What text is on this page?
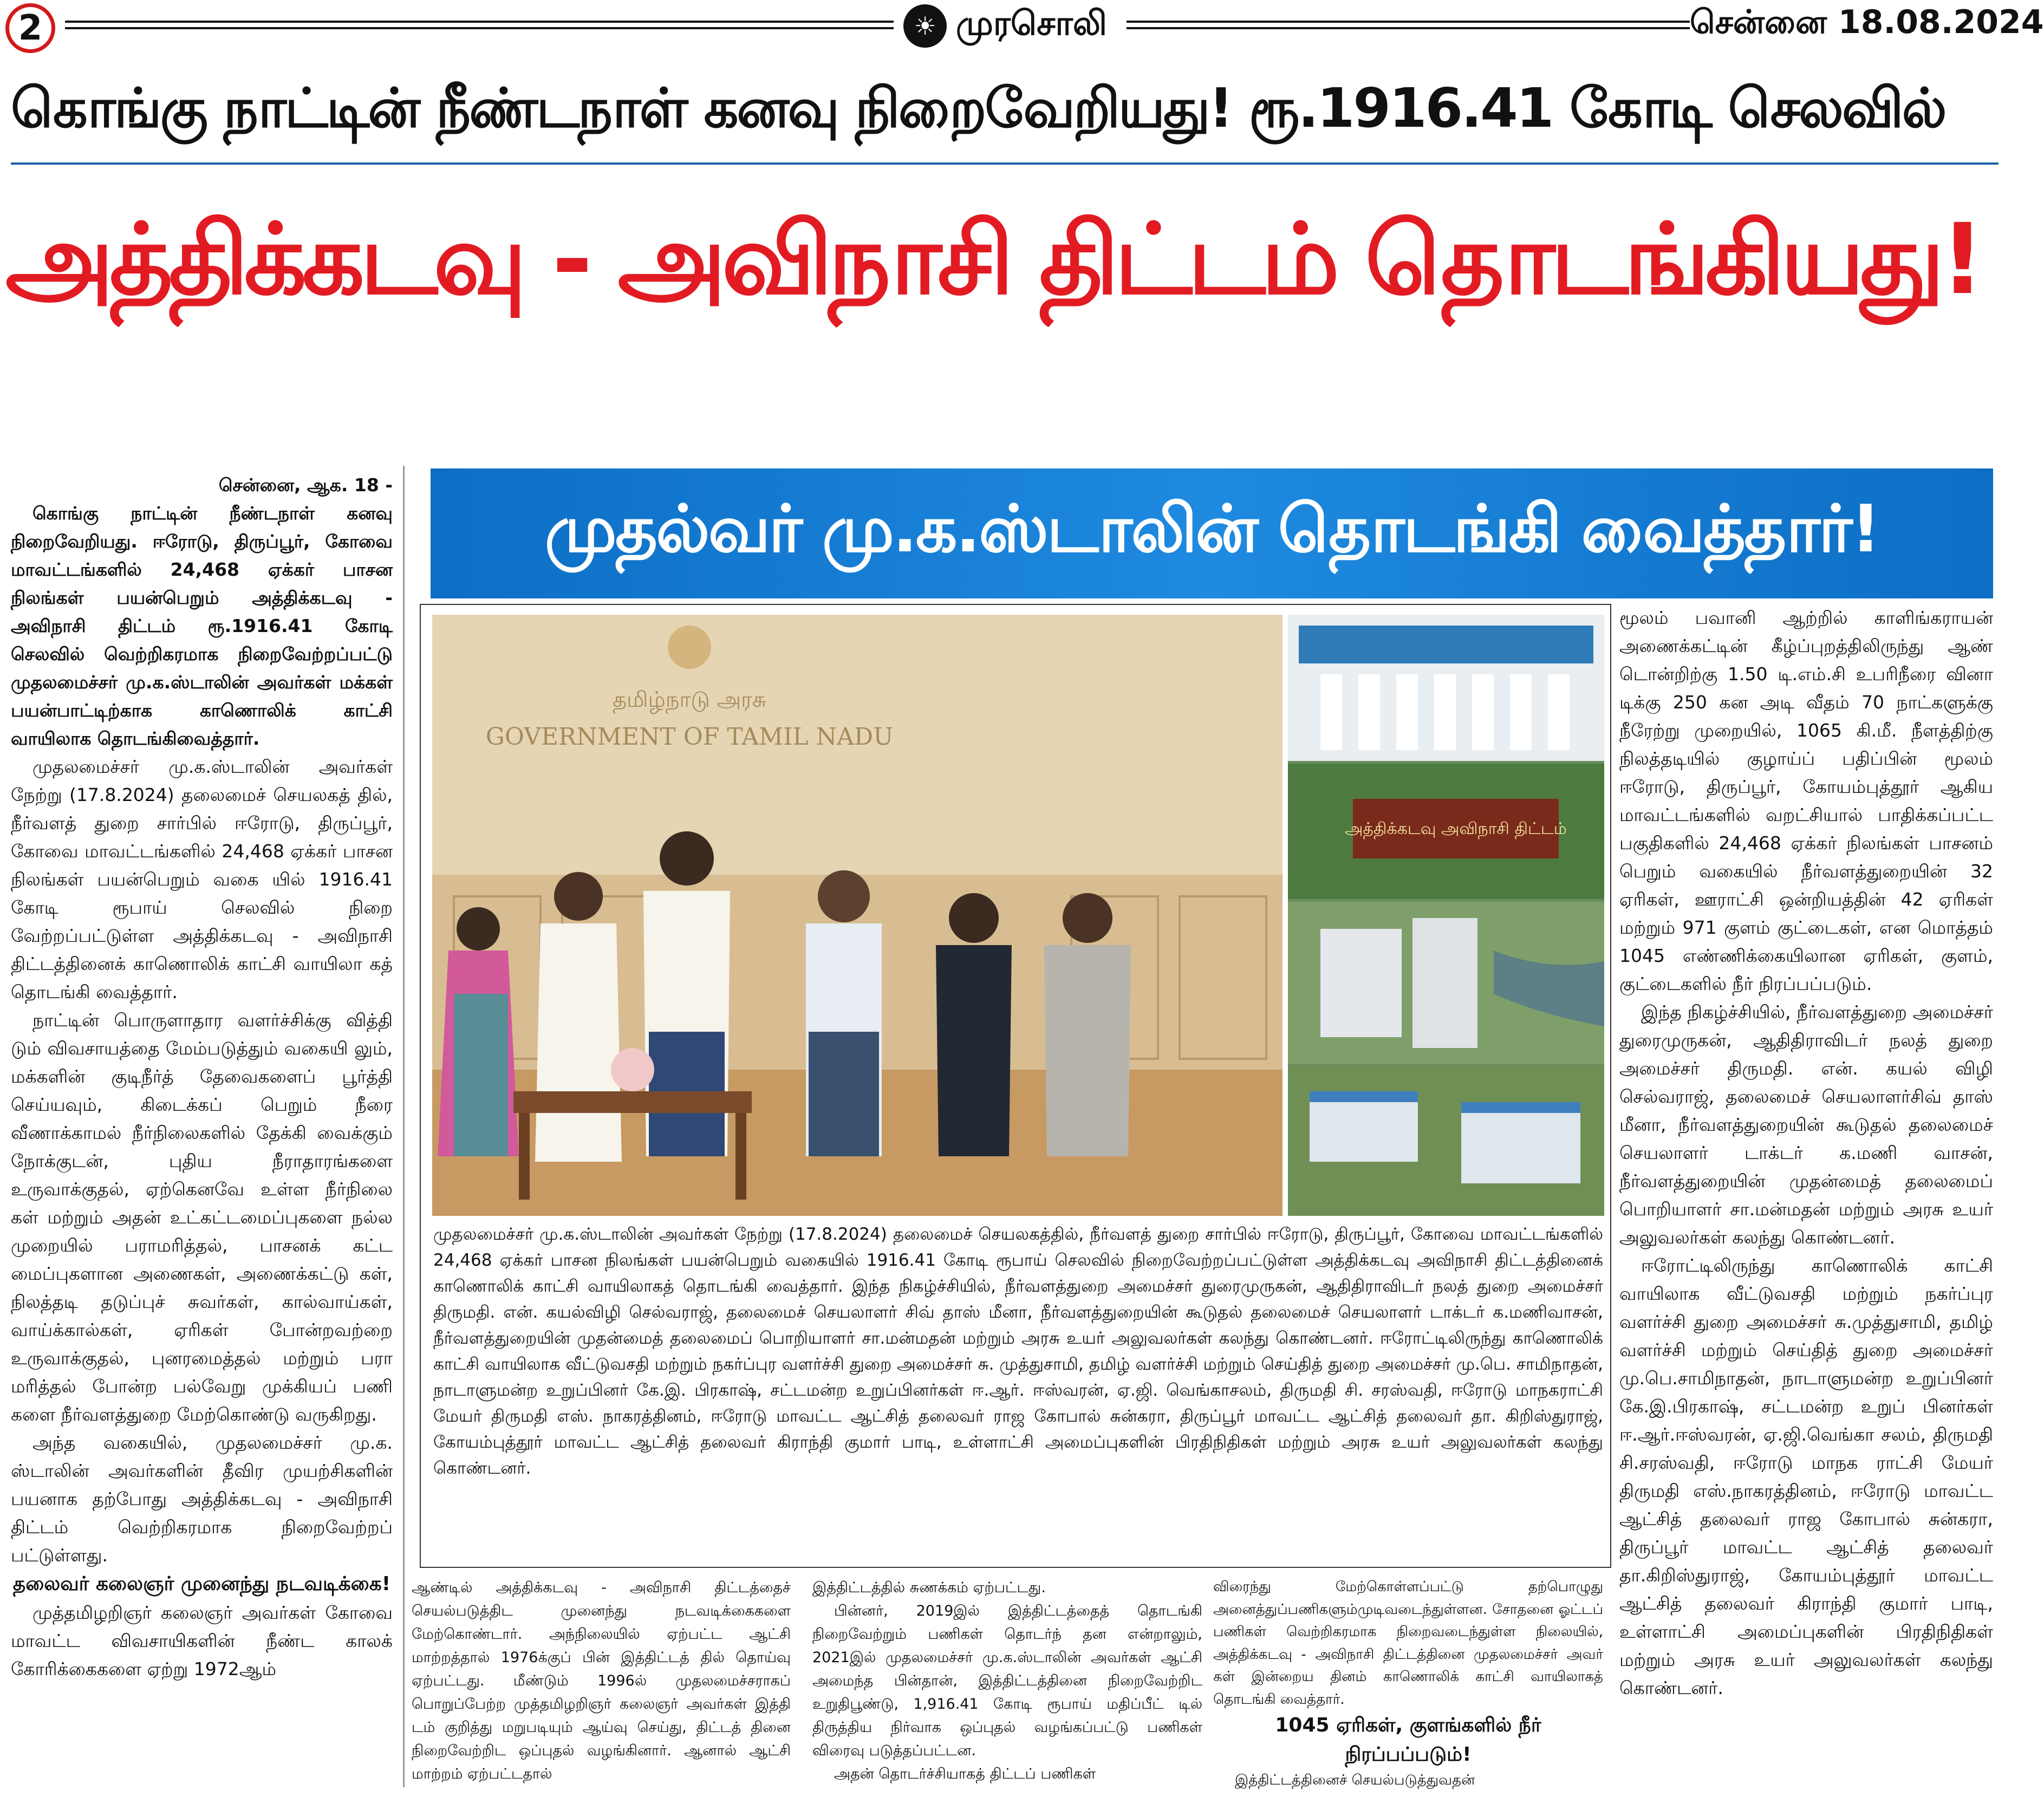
2	☀ முரசொலி	சென்னை 18.08.2024
கொங்கு நாட்டின் நீண்டநாள் கனவு நிறைவேறியது! ரூ.1916.41 கோடி செலவில்
அத்திக்கடவு - அவிநாசி திட்டம் தொடங்கியது!
முதல்வர் மு.க.ஸ்டாலின் தொடங்கி வைத்தார்!

சென்னை, ஆக. 18 -

கொங்கு நாட்டின் நீண்டநாள் கனவு நிறைவேறியது. ஈரோடு, திருப்பூர், கோவை மாவட்டங்களில் 24,468 ஏக்கர் பாசன நிலங்கள் பயன்பெறும் அத்திக்கடவு - அவிநாசி திட்டம் ரூ.1916.41 கோடி செலவில் வெற்றிகரமாக நிறைவேற்றப்பட்டு முதலமைச்சர் மு.க.ஸ்டாலின் அவர்கள் மக்கள் பயன்பாட்டிற்காக காணொலிக் காட்சி வாயிலாக தொடங்கிவைத்தார்.

முதலமைச்சர் மு.க.ஸ்டாலின் அவர்கள் நேற்று (17.8.2024) தலைமைச் செயலகத் தில், நீர்வளத் துறை சார்பில் ஈரோடு, திருப்பூர், கோவை மாவட்டங்களில் 24,468 ஏக்கர் பாசன நிலங்கள் பயன்பெறும் வகை யில் 1916.41 கோடி ரூபாய் செலவில் நிறை வேற்றப்பட்டுள்ள அத்திக்கடவு - அவிநாசி திட்டத்தினைக் காணொலிக் காட்சி வாயிலா கத் தொடங்கி வைத்தார்.

நாட்டின் பொருளாதார வளர்ச்சிக்கு வித்தி டும் விவசாயத்தை மேம்படுத்தும் வகையி லும், மக்களின் குடிநீர்த் தேவைகளைப் பூர்த்தி செய்யவும், கிடைக்கப் பெறும் நீரை வீணாக்காமல் நீர்நிலைகளில் தேக்கி வைக்கும் நோக்குடன், புதிய நீராதாரங்களை உருவாக்குதல், ஏற்கெனவே உள்ள நீர்நிலை கள் மற்றும் அதன் உட்கட்டமைப்புகளை நல்ல முறையில் பராமரித்தல், பாசனக் கட்ட மைப்புகளான அணைகள், அணைக்கட்டு கள், நிலத்தடி தடுப்புச் சுவர்கள், கால்வாய்கள், வாய்க்கால்கள், ஏரிகள் போன்றவற்றை உருவாக்குதல், புனரமைத்தல் மற்றும் பரா மரித்தல் போன்ற பல்வேறு முக்கியப் பணி களை நீர்வளத்துறை மேற்கொண்டு வருகிறது.

அந்த வகையில், முதலமைச்சர் மு.க. ஸ்டாலின் அவர்களின் தீவிர முயற்சிகளின் பயனாக தற்போது அத்திக்கடவு - அவிநாசி திட்டம் வெற்றிகரமாக நிறைவேற்றப் பட்டுள்ளது.

தலைவர் கலைஞர் முனைந்து நடவடிக்கை!

முத்தமிழறிஞர் கலைஞர் அவர்கள் கோவை மாவட்ட விவசாயிகளின் நீண்ட காலக் கோரிக்கைகளை ஏற்று 1972ஆம்

தமிழ்நாடு அரசு
GOVERNMENT OF TAMIL NADU
அத்திக்கடவு அவிநாசி திட்டம்
முதலமைச்சர் மு.க.ஸ்டாலின் அவர்கள் நேற்று (17.8.2024) தலைமைச் செயலகத்தில், நீர்வளத் துறை சார்பில் ஈரோடு, திருப்பூர், கோவை மாவட்டங்களில் 24,468 ஏக்கர் பாசன நிலங்கள் பயன்பெறும் வகையில் 1916.41 கோடி ரூபாய் செலவில் நிறைவேற்றப்பட்டுள்ள அத்திக்கடவு அவிநாசி திட்டத்தினைக் காணொலிக் காட்சி வாயிலாகத் தொடங்கி வைத்தார். இந்த நிகழ்ச்சியில், நீர்வளத்துறை அமைச்சர் துரைமுருகன், ஆதிதிராவிடர் நலத் துறை அமைச்சர் திருமதி. என். கயல்விழி செல்வராஜ், தலைமைச் செயலாளர் சிவ் தாஸ் மீனா, நீர்வளத்துறையின் கூடுதல் தலைமைச் செயலாளர் டாக்டர் க.மணிவாசன், நீர்வளத்துறையின் முதன்மைத் தலைமைப் பொறியாளர் சா.மன்மதன் மற்றும் அரசு உயர் அலுவலர்கள் கலந்து கொண்டனர். ஈரோட்டிலிருந்து காணொலிக் காட்சி வாயிலாக வீட்டுவசதி மற்றும் நகர்ப்புர வளர்ச்சி துறை அமைச்சர் சு. முத்துசாமி, தமிழ் வளர்ச்சி மற்றும் செய்தித் துறை அமைச்சர் மு.பெ. சாமிநாதன், நாடாளுமன்ற உறுப்பினர் கே.இ. பிரகாஷ், சட்டமன்ற உறுப்பினர்கள் ஈ.ஆர். ஈஸ்வரன், ஏ.ஜி. வெங்காசலம், திருமதி சி. சரஸ்வதி, ஈரோடு மாநகராட்சி மேயர் திருமதி எஸ். நாகரத்தினம், ஈரோடு மாவட்ட ஆட்சித் தலைவர் ராஜ கோபால் சுன்கரா, திருப்பூர் மாவட்ட ஆட்சித் தலைவர் தா. கிறிஸ்துராஜ், கோயம்புத்தூர் மாவட்ட ஆட்சித் தலைவர் கிராந்தி குமார் பாடி, உள்ளாட்சி அமைப்புகளின் பிரதிநிதிகள் மற்றும் அரசு உயர் அலுவலர்கள் கலந்து கொண்டனர்.

ஆண்டில் அத்திக்கடவு - அவிநாசி திட்டத்தைச் செயல்படுத்திட முனைந்து நடவடிக்கைகளை மேற்கொண்டார். அந்நிலையில் ஏற்பட்ட ஆட்சி மாற்றத்தால் 1976க்குப் பின் இத்திட்டத் தில் தொய்வு ஏற்பட்டது. மீண்டும் 1996ல் முதலமைச்சராகப் பொறுப்பேற்ற முத்தமிழறிஞர் கலைஞர் அவர்கள் இத்தி டம் குறித்து மறுபடியும் ஆய்வு செய்து, திட்டத் தினை நிறைவேற்றிட ஒப்புதல் வழங்கினார். ஆனால் ஆட்சி மாற்றம் ஏற்பட்டதால்

இத்திட்டத்தில் சுணக்கம் ஏற்பட்டது.

பின்னர், 2019இல் இத்திட்டத்தைத் தொடங்கி நிறைவேற்றும் பணிகள் தொடர்ந் தன என்றாலும், 2021இல் முதலமைச்சர் மு.க.ஸ்டாலின் அவர்கள் ஆட்சி அமைந்த பின்தான், இத்திட்டத்தினை நிறைவேற்றிட உறுதிபூண்டு, 1,916.41 கோடி ரூபாய் மதிப்பீட் டில் திருத்திய நிர்வாக ஒப்புதல் வழங்கப்பட்டு பணிகள் விரைவு படுத்தப்பட்டன.

அதன் தொடர்ச்சியாகத் திட்டப் பணிகள்

விரைந்து மேற்கொள்ளப்பட்டு தற்பொழுது அனைத்துப்பணிகளும்முடிவடைந்துள்ளன. சோதனை ஓட்டப் பணிகள் வெற்றிகரமாக நிறைவடைந்துள்ள நிலையில், அத்திக்கடவு - அவிநாசி திட்டத்தினை முதலமைச்சர் அவர் கள் இன்றைய தினம் காணொலிக் காட்சி வாயிலாகத் தொடங்கி வைத்தார்.

1045 ஏரிகள், குளங்களில் நீர் நிரப்பப்படும்!

இத்திட்டத்தினைச் செயல்படுத்துவதன்

மூலம் பவானி ஆற்றில் காளிங்கராயன் அணைக்கட்டின் கீழ்ப்புறத்திலிருந்து ஆண் டொன்றிற்கு 1.50 டி.எம்.சி உபரிநீரை வினா டிக்கு 250 கன அடி வீதம் 70 நாட்களுக்கு நீரேற்று முறையில், 1065 கி.மீ. நீளத்திற்கு நிலத்தடியில் குழாய்ப் பதிப்பின் மூலம் ஈரோடு, திருப்பூர், கோயம்புத்தூர் ஆகிய மாவட்டங்களில் வறட்சியால் பாதிக்கப்பட்ட பகுதிகளில் 24,468 ஏக்கர் நிலங்கள் பாசனம் பெறும் வகையில் நீர்வளத்துறையின் 32 ஏரிகள், ஊராட்சி ஒன்றியத்தின் 42 ஏரிகள் மற்றும் 971 குளம் குட்டைகள், என மொத்தம் 1045 எண்ணிக்கையிலான ஏரிகள், குளம், குட்டைகளில் நீர் நிரப்பப்படும்.

இந்த நிகழ்ச்சியில், நீர்வளத்துறை அமைச்சர் துரைமுருகன், ஆதிதிராவிடர் நலத் துறை அமைச்சர் திருமதி. என். கயல் விழி செல்வராஜ், தலைமைச் செயலாளர்சிவ் தாஸ் மீனா, நீர்வளத்துறையின் கூடுதல் தலைமைச் செயலாளர் டாக்டர் க.மணி வாசன், நீர்வளத்துறையின் முதன்மைத் தலைமைப் பொறியாளர் சா.மன்மதன் மற்றும் அரசு உயர் அலுவலர்கள் கலந்து கொண்டனர்.

ஈரோட்டிலிருந்து காணொலிக் காட்சி வாயிலாக வீட்டுவசதி மற்றும் நகர்ப்புர வளர்ச்சி துறை அமைச்சர் சு.முத்துசாமி, தமிழ் வளர்ச்சி மற்றும் செய்தித் துறை அமைச்சர் மு.பெ.சாமிநாதன், நாடாளுமன்ற உறுப்பினர் கே.இ.பிரகாஷ், சட்டமன்ற உறுப் பினர்கள் ஈ.ஆர்.ஈஸ்வரன், ஏ.ஜி.வெங்கா சலம், திருமதி சி.சரஸ்வதி, ஈரோடு மாநக ராட்சி மேயர் திருமதி எஸ்.நாகரத்தினம், ஈரோடு மாவட்ட ஆட்சித் தலைவர் ராஜ கோபால் சுன்கரா, திருப்பூர் மாவட்ட ஆட்சித் தலைவர் தா.கிறிஸ்துராஜ், கோயம்புத்தூர் மாவட்ட ஆட்சித் தலைவர் கிராந்தி குமார் பாடி, உள்ளாட்சி அமைப்புகளின் பிரதிநிதிகள் மற்றும் அரசு உயர் அலுவலர்கள் கலந்து கொண்டனர்.
